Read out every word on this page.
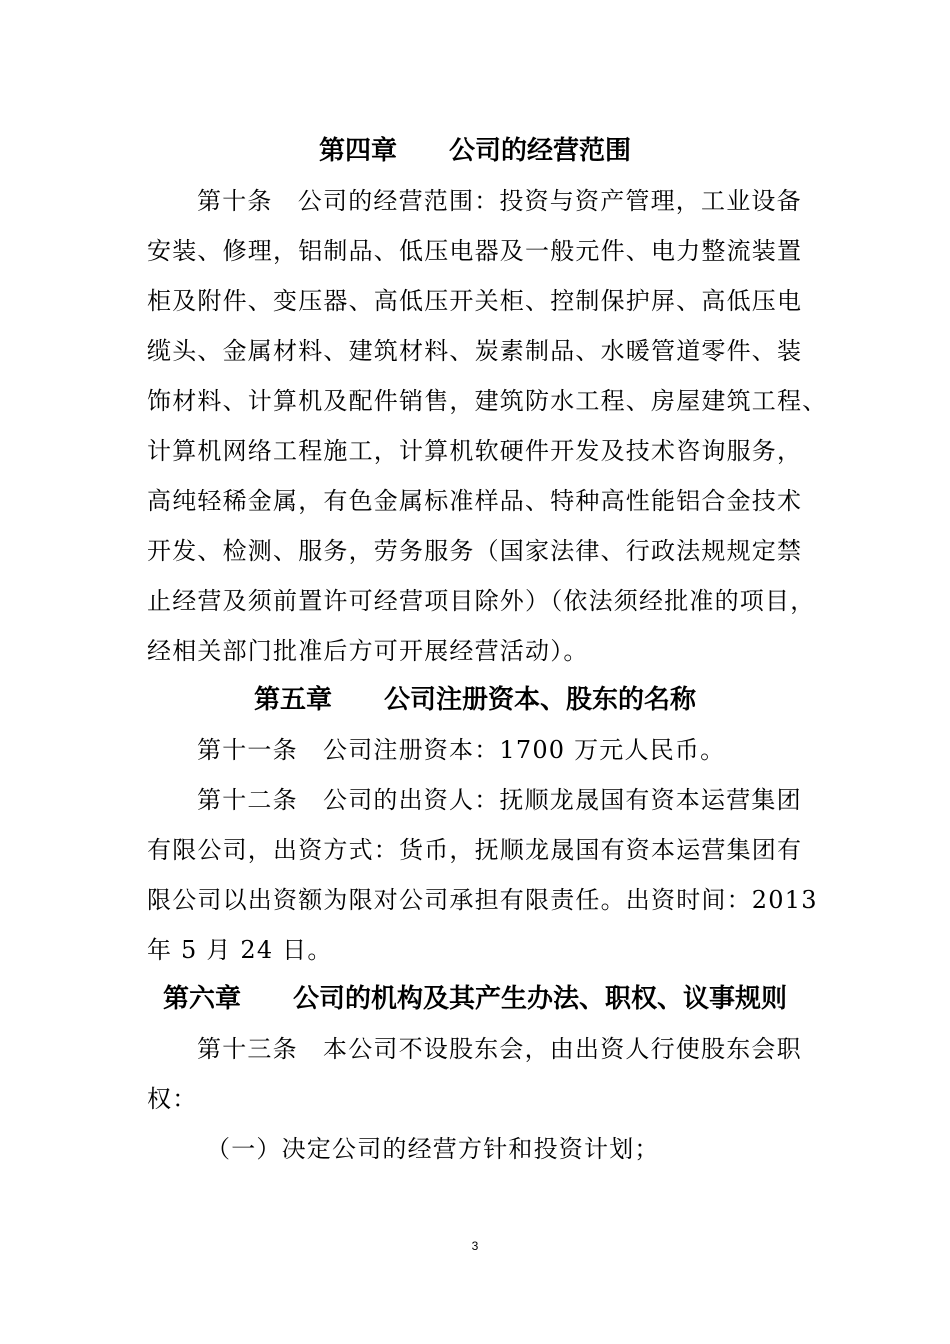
第四章　　公司的经营范围
第十条　公司的经营范围：投资与资产管理，工业设备
安装、修理，铝制品、低压电器及一般元件、电力整流装置
柜及附件、变压器、高低压开关柜、控制保护屏、高低压电
缆头、金属材料、建筑材料、炭素制品、水暖管道零件、装
饰材料、计算机及配件销售，建筑防水工程、房屋建筑工程、
计算机网络工程施工，计算机软硬件开发及技术咨询服务，
高纯轻稀金属，有色金属标准样品、特种高性能铝合金技术
开发、检测、服务，劳务服务（国家法律、行政法规规定禁
止经营及须前置许可经营项目除外）（依法须经批准的项目，
经相关部门批准后方可开展经营活动）。
第五章　　公司注册资本、股东的名称
第十一条　公司注册资本：1700 万元人民币。
第十二条　公司的出资人：抚顺龙晟国有资本运营集团
有限公司，出资方式：货币，抚顺龙晟国有资本运营集团有
限公司以出资额为限对公司承担有限责任。出资时间：2013
年 5 月 24 日。
第六章　　公司的机构及其产生办法、职权、议事规则
第十三条　本公司不设股东会，由出资人行使股东会职
权：
（一）决定公司的经营方针和投资计划；
3
